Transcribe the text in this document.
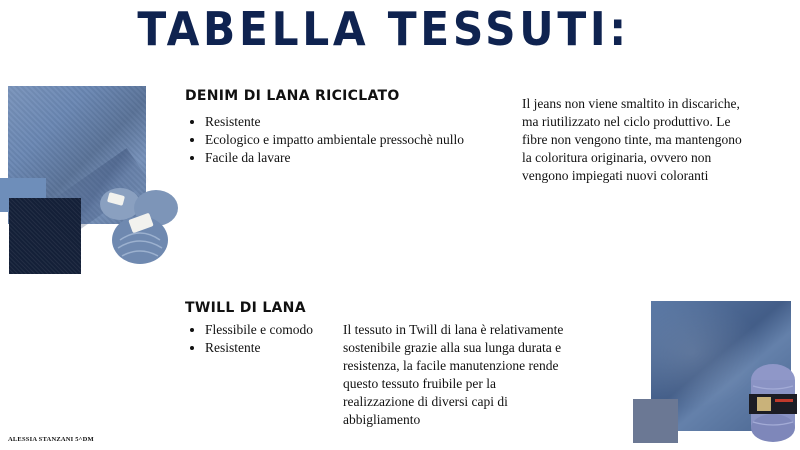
TABELLA TESSUTI:
DENIM DI LANA RICICLATO
• Resistente
• Ecologico e impatto ambientale pressochè nullo
• Facile da lavare

Il jeans non viene smaltito in discariche, ma riutilizzato nel ciclo produttivo. Le fibre non vengono tinte, ma mantengono la coloritura originaria, ovvero non vengono impiegati nuovi coloranti

TWILL DI LANA
• Flessibile e comodo
• Resistente

Il tessuto in Twill di lana è relativamente sostenibile grazie alla sua lunga durata e resistenza, la facile manutenzione rende questo tessuto fruibile per la realizzazione di diversi capi di abbigliamento

ALESSIA STANZANI 5^DM
